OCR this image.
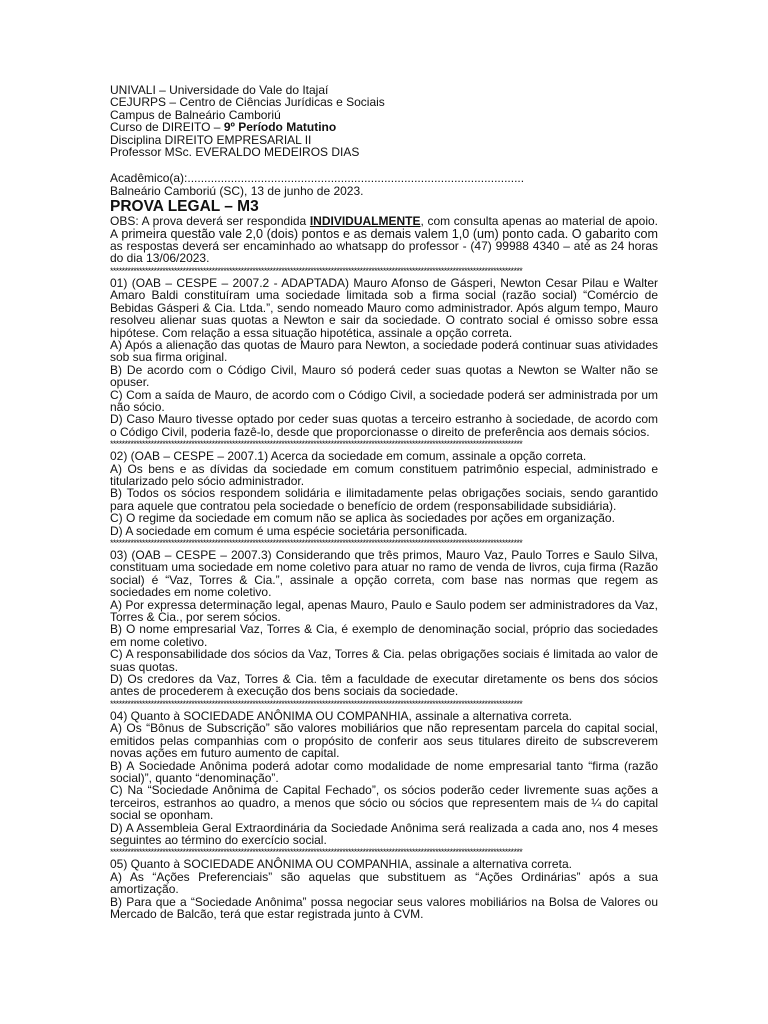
UNIVALI – Universidade do Vale do Itajaí
CEJURPS – Centro de Ciências Jurídicas e Sociais
Campus de Balneário Camboriú
Curso de DIREITO – 9º Período Matutino
Disciplina DIREITO EMPRESARIAL II
Professor MSc. EVERALDO MEDEIROS DIAS
Acadêmico(a):.....................................................................................................
Balneário Camboriú (SC), 13 de junho de 2023.
PROVA LEGAL – M3
OBS: A prova deverá ser respondida INDIVIDUALMENTE, com consulta apenas ao material de apoio. A primeira questão vale 2,0 (dois) pontos e as demais valem 1,0 (um) ponto cada. O gabarito com as respostas deverá ser encaminhado ao whatsapp do professor - (47) 99988 4340 – até as 24 horas do dia 13/06/2023.
**********************************************************************************************************************************************

01) (OAB – CESPE – 2007.2 - ADAPTADA) Mauro Afonso de Gásperi, Newton Cesar Pilau e Walter Amaro Baldi constituíram uma sociedade limitada sob a firma social (razão social) “Comércio de Bebidas Gásperi & Cia. Ltda.”, sendo nomeado Mauro como administrador. Após algum tempo, Mauro resolveu alienar suas quotas a Newton e sair da sociedade. O contrato social é omisso sobre essa hipótese. Com relação a essa situação hipotética, assinale a opção correta.

A) Após a alienação das quotas de Mauro para Newton, a sociedade poderá continuar suas atividades sob sua firma original.

B) De acordo com o Código Civil, Mauro só poderá ceder suas quotas a Newton se Walter não se opuser.

C) Com a saída de Mauro, de acordo com o Código Civil, a sociedade poderá ser administrada por um não sócio.

D) Caso Mauro tivesse optado por ceder suas quotas a terceiro estranho à sociedade, de acordo com o Código Civil, poderia fazê-lo, desde que proporcionasse o direito de preferência aos demais sócios.

**********************************************************************************************************************************************

02) (OAB – CESPE – 2007.1) Acerca da sociedade em comum, assinale a opção correta.

A) Os bens e as dívidas da sociedade em comum constituem patrimônio especial, administrado e titularizado pelo sócio administrador.

B) Todos os sócios respondem solidária e ilimitadamente pelas obrigações sociais, sendo garantido para aquele que contratou pela sociedade o benefício de ordem (responsabilidade subsidiária).

C) O regime da sociedade em comum não se aplica às sociedades por ações em organização.

D) A sociedade em comum é uma espécie societária personificada.

**********************************************************************************************************************************************

03) (OAB – CESPE – 2007.3) Considerando que três primos, Mauro Vaz, Paulo Torres e Saulo Silva, constituam uma sociedade em nome coletivo para atuar no ramo de venda de livros, cuja firma (Razão social) é “Vaz, Torres & Cia.”, assinale a opção correta, com base nas normas que regem as sociedades em nome coletivo.

A) Por expressa determinação legal, apenas Mauro, Paulo e Saulo podem ser administradores da Vaz, Torres & Cia., por serem sócios.

B) O nome empresarial Vaz, Torres & Cia, é exemplo de denominação social, próprio das sociedades em nome coletivo.

C) A responsabilidade dos sócios da Vaz, Torres & Cia. pelas obrigações sociais é limitada ao valor de suas quotas.

D) Os credores da Vaz, Torres & Cia. têm a faculdade de executar diretamente os bens dos sócios antes de procederem à execução dos bens sociais da sociedade.

**********************************************************************************************************************************************

04) Quanto à SOCIEDADE ANÔNIMA OU COMPANHIA, assinale a alternativa correta.

A) Os “Bônus de Subscrição” são valores mobiliários que não representam parcela do capital social, emitidos pelas companhias com o propósito de conferir aos seus titulares direito de subscreverem novas ações em futuro aumento de capital.

B) A Sociedade Anônima poderá adotar como modalidade de nome empresarial tanto “firma (razão social)”, quanto “denominação”.

C) Na “Sociedade Anônima de Capital Fechado”, os sócios poderão ceder livremente suas ações a terceiros, estranhos ao quadro, a menos que sócio ou sócios que representem mais de ¼ do capital social se oponham.

D) A Assembleia Geral Extraordinária da Sociedade Anônima será realizada a cada ano, nos 4 meses seguintes ao término do exercício social.

**********************************************************************************************************************************************

05) Quanto à SOCIEDADE ANÔNIMA OU COMPANHIA, assinale a alternativa correta.

A) As “Ações Preferenciais” são aquelas que substituem as “Ações Ordinárias” após a sua amortização.

B) Para que a “Sociedade Anônima” possa negociar seus valores mobiliários na Bolsa de Valores ou Mercado de Balcão, terá que estar registrada junto à CVM.
